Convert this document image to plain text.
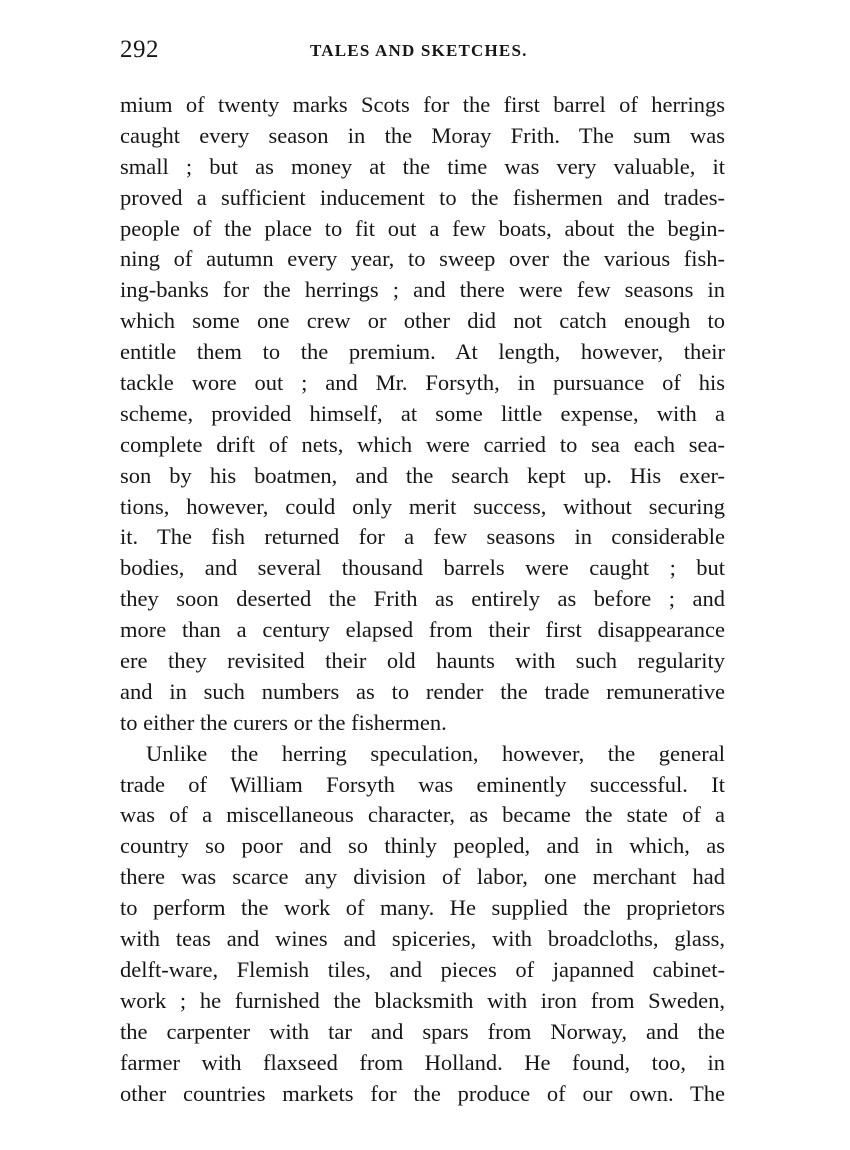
292	TALES AND SKETCHES.
mium of twenty marks Scots for the first barrel of herrings
caught every season in the Moray Frith. The sum was
small ; but as money at the time was very valuable, it
proved a sufficient inducement to the fishermen and trades-
people of the place to fit out a few boats, about the begin-
ning of autumn every year, to sweep over the various fish-
ing-banks for the herrings ; and there were few seasons in
which some one crew or other did not catch enough to
entitle them to the premium. At length, however, their
tackle wore out ; and Mr. Forsyth, in pursuance of his
scheme, provided himself, at some little expense, with a
complete drift of nets, which were carried to sea each sea-
son by his boatmen, and the search kept up. His exer-
tions, however, could only merit success, without securing
it. The fish returned for a few seasons in considerable
bodies, and several thousand barrels were caught ; but
they soon deserted the Frith as entirely as before ; and
more than a century elapsed from their first disappearance
ere they revisited their old haunts with such regularity
and in such numbers as to render the trade remunerative
to either the curers or the fishermen.
Unlike the herring speculation, however, the general
trade of William Forsyth was eminently successful. It
was of a miscellaneous character, as became the state of a
country so poor and so thinly peopled, and in which, as
there was scarce any division of labor, one merchant had
to perform the work of many. He supplied the proprietors
with teas and wines and spiceries, with broadcloths, glass,
delft-ware, Flemish tiles, and pieces of japanned cabinet-
work ; he furnished the blacksmith with iron from Sweden,
the carpenter with tar and spars from Norway, and the
farmer with flaxseed from Holland. He found, too, in
other countries markets for the produce of our own. The
